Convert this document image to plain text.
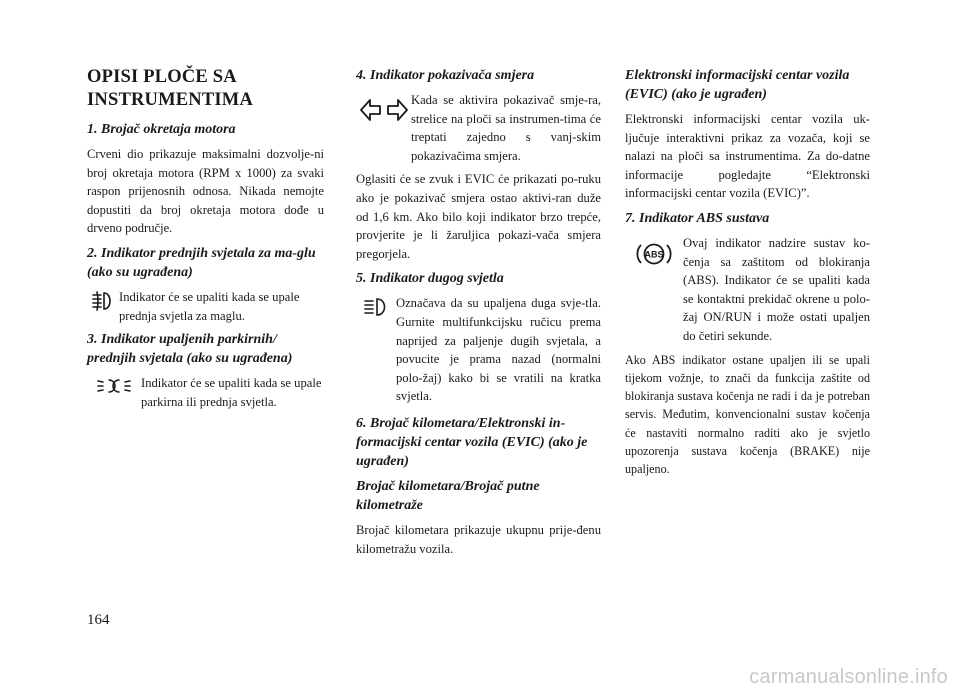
OPISI PLOČE SA
INSTRUMENTIMA
1. Brojač okretaja motora

Crveni dio prikazuje maksimalni dozvolje-ni broj okretaja motora (RPM x 1000) za svaki raspon prijenosnih odnosa. Nikada nemojte dopustiti da broj okretaja motora dođe u drveno područje.

2. Indikator prednjih svjetala za ma-glu (ako su ugrađena)

Indikator će se upaliti kada se upale prednja svjetla za maglu.

3. Indikator upaljenih parkirnih/ prednjih svjetala (ako su ugrađena)

Indikator će se upaliti kada se upale parkirna ili prednja svjetla.

4. Indikator pokazivača smjera

Kada se aktivira pokazivač smje-ra, strelice na ploči sa instrumen-tima će treptati zajedno s vanj-skim pokazivačima smjera.

Oglasiti će se zvuk i EVIC će prikazati po-ruku ako je pokazivač smjera ostao aktivi-ran duže od 1,6 km. Ako bilo koji indikator brzo trepće, provjerite je li žaruljica pokazi-vača smjera pregorjela.

5. Indikator dugog svjetla

Označava da su upaljena duga svje-tla. Gurnite multifunkcijsku ručicu prema naprijed za paljenje dugih svjetala, a povucite je prama nazad (normalni polo-žaj) kako bi se vratili na kratka svjetla.

6. Brojač kilometara/Elektronski in-formacijski centar vozila (EVIC) (ako je ugrađen)
Brojač kilometara/Brojač putne kilometraže

Brojač kilometara prikazuje ukupnu prije-đenu kilometražu vozila.

Elektronski informacijski centar vozila (EVIC) (ako je ugrađen)

Elektronski informacijski centar vozila uk-ljučuje interaktivni prikaz za vozača, koji se nalazi na ploči sa instrumentima. Za do-datne informacije pogledajte “Elektronski informacijski centar vozila (EVIC)”.

7. Indikator ABS sustava
ABS

Ovaj indikator nadzire sustav ko-čenja sa zaštitom od blokiranja (ABS). Indikator će se upaliti kada se kontaktni prekidač okrene u polo-žaj ON/RUN i može ostati upaljen do četiri sekunde.

Ako ABS indikator ostane upaljen ili se upali tijekom vožnje, to znači da funkcija zaštite od blokiranja sustava kočenja ne radi i da je potreban servis. Međutim, konvencionalni sustav kočenja će nastaviti normalno raditi ako je svjetlo upozorenja sustava kočenja (BRAKE) nije upaljeno.

164
carmanualsonline.info
